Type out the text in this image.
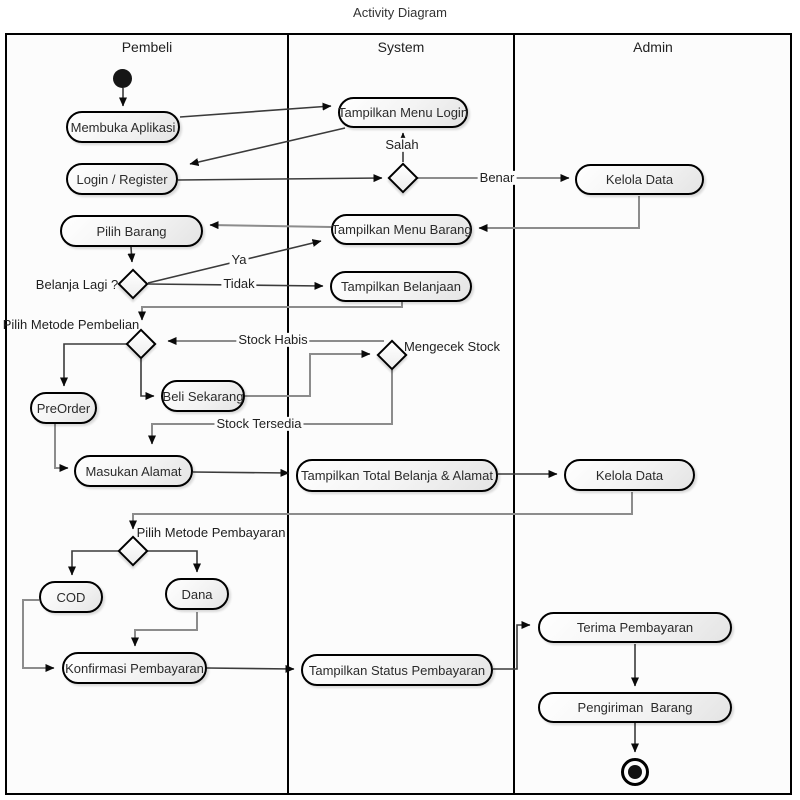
Activity Diagram
Pembeli	System	Admin
Membuka Aplikasi
Login / Register
Tampilkan Menu Login
Kelola Data
Pilih Barang	Tampilkan Menu Barang
Tampilkan Belanjaan
Beli Sekarang
PreOrder
Masukan Alamat	Tampilkan Total Belanja & Alamat	Kelola Data
COD	Dana
Konfirmasi Pembayaran	Tampilkan Status Pembayaran
Terima Pembayaran
Pengiriman  Barang
Salah
Benar
Ya
Tidak
Belanja Lagi ?
Pilih Metode Pembelian
Stock Habis
Stock Tersedia
Mengecek Stock
Pilih Metode Pembayaran
